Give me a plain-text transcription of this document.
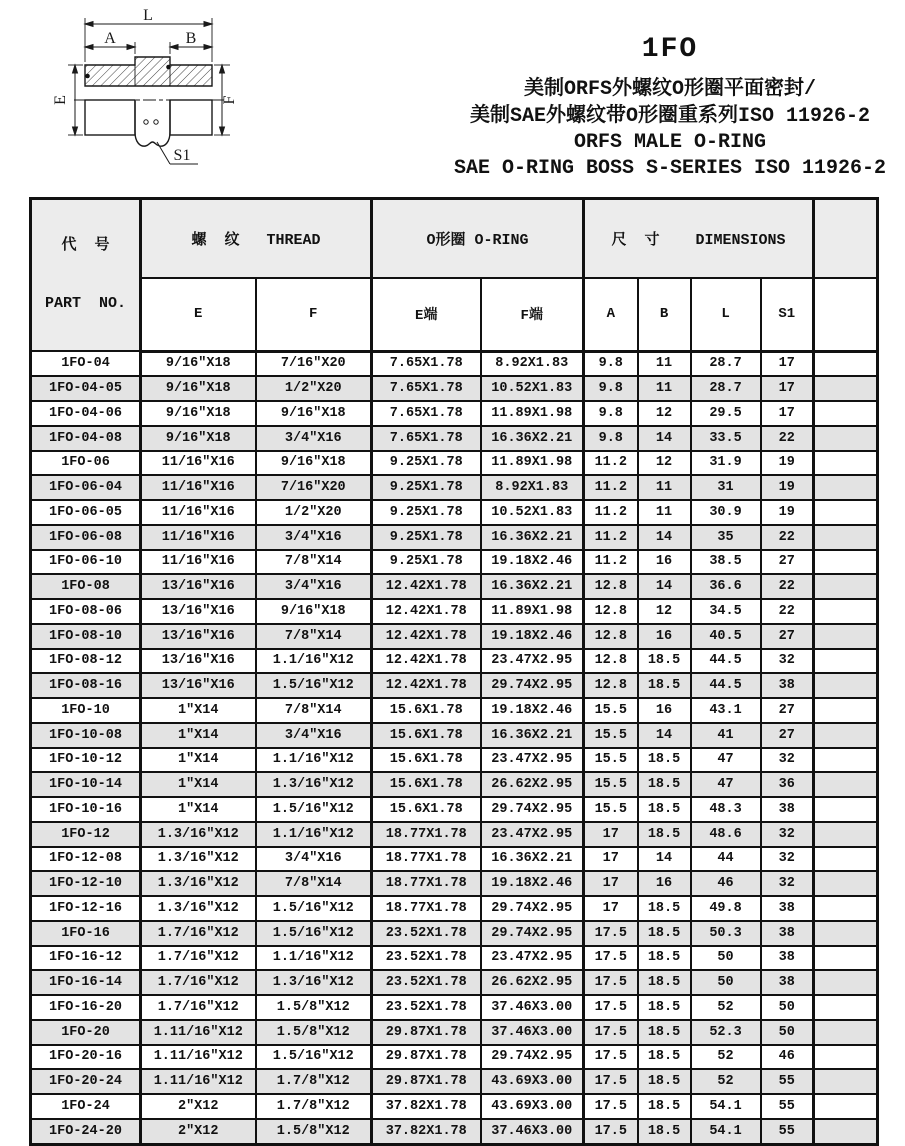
L
A	B
E	F
S1
1FO
美制ORFS外螺纹O形圈平面密封/
美制SAE外螺纹带O形圈重系列ISO 11926-2
ORFS MALE O-RING
SAE O-RING BOSS S-SERIES ISO 11926-2

代  号

PART  NO.	螺  纹   THREAD		O形圈 O-RING		尺  寸    DIMENSIONS				
	E	F	E端	F端	A	B	L	S1	
1FO-04	9/16″X18	7/16″X20	7.65X1.78	8.92X1.83	9.8	11	28.7	17	
1FO-04-05	9/16″X18	1/2″X20	7.65X1.78	10.52X1.83	9.8	11	28.7	17	
1FO-04-06	9/16″X18	9/16″X18	7.65X1.78	11.89X1.98	9.8	12	29.5	17	
1FO-04-08	9/16″X18	3/4″X16	7.65X1.78	16.36X2.21	9.8	14	33.5	22	
1FO-06	11/16″X16	9/16″X18	9.25X1.78	11.89X1.98	11.2	12	31.9	19	
1FO-06-04	11/16″X16	7/16″X20	9.25X1.78	8.92X1.83	11.2	11	31	19	
1FO-06-05	11/16″X16	1/2″X20	9.25X1.78	10.52X1.83	11.2	11	30.9	19	
1FO-06-08	11/16″X16	3/4″X16	9.25X1.78	16.36X2.21	11.2	14	35	22	
1FO-06-10	11/16″X16	7/8″X14	9.25X1.78	19.18X2.46	11.2	16	38.5	27	
1FO-08	13/16″X16	3/4″X16	12.42X1.78	16.36X2.21	12.8	14	36.6	22	
1FO-08-06	13/16″X16	9/16″X18	12.42X1.78	11.89X1.98	12.8	12	34.5	22	
1FO-08-10	13/16″X16	7/8″X14	12.42X1.78	19.18X2.46	12.8	16	40.5	27	
1FO-08-12	13/16″X16	1.1/16″X12	12.42X1.78	23.47X2.95	12.8	18.5	44.5	32	
1FO-08-16	13/16″X16	1.5/16″X12	12.42X1.78	29.74X2.95	12.8	18.5	44.5	38	
1FO-10	1″X14	7/8″X14	15.6X1.78	19.18X2.46	15.5	16	43.1	27	
1FO-10-08	1″X14	3/4″X16	15.6X1.78	16.36X2.21	15.5	14	41	27	
1FO-10-12	1″X14	1.1/16″X12	15.6X1.78	23.47X2.95	15.5	18.5	47	32	
1FO-10-14	1″X14	1.3/16″X12	15.6X1.78	26.62X2.95	15.5	18.5	47	36	
1FO-10-16	1″X14	1.5/16″X12	15.6X1.78	29.74X2.95	15.5	18.5	48.3	38	
1FO-12	1.3/16″X12	1.1/16″X12	18.77X1.78	23.47X2.95	17	18.5	48.6	32	
1FO-12-08	1.3/16″X12	3/4″X16	18.77X1.78	16.36X2.21	17	14	44	32	
1FO-12-10	1.3/16″X12	7/8″X14	18.77X1.78	19.18X2.46	17	16	46	32	
1FO-12-16	1.3/16″X12	1.5/16″X12	18.77X1.78	29.74X2.95	17	18.5	49.8	38	
1FO-16	1.7/16″X12	1.5/16″X12	23.52X1.78	29.74X2.95	17.5	18.5	50.3	38	
1FO-16-12	1.7/16″X12	1.1/16″X12	23.52X1.78	23.47X2.95	17.5	18.5	50	38	
1FO-16-14	1.7/16″X12	1.3/16″X12	23.52X1.78	26.62X2.95	17.5	18.5	50	38	
1FO-16-20	1.7/16″X12	1.5/8″X12	23.52X1.78	37.46X3.00	17.5	18.5	52	50	
1FO-20	1.11/16″X12	1.5/8″X12	29.87X1.78	37.46X3.00	17.5	18.5	52.3	50	
1FO-20-16	1.11/16″X12	1.5/16″X12	29.87X1.78	29.74X2.95	17.5	18.5	52	46	
1FO-20-24	1.11/16″X12	1.7/8″X12	29.87X1.78	43.69X3.00	17.5	18.5	52	55	
1FO-24	2″X12	1.7/8″X12	37.82X1.78	43.69X3.00	17.5	18.5	54.1	55	
1FO-24-20	2″X12	1.5/8″X12	37.82X1.78	37.46X3.00	17.5	18.5	54.1	55	
